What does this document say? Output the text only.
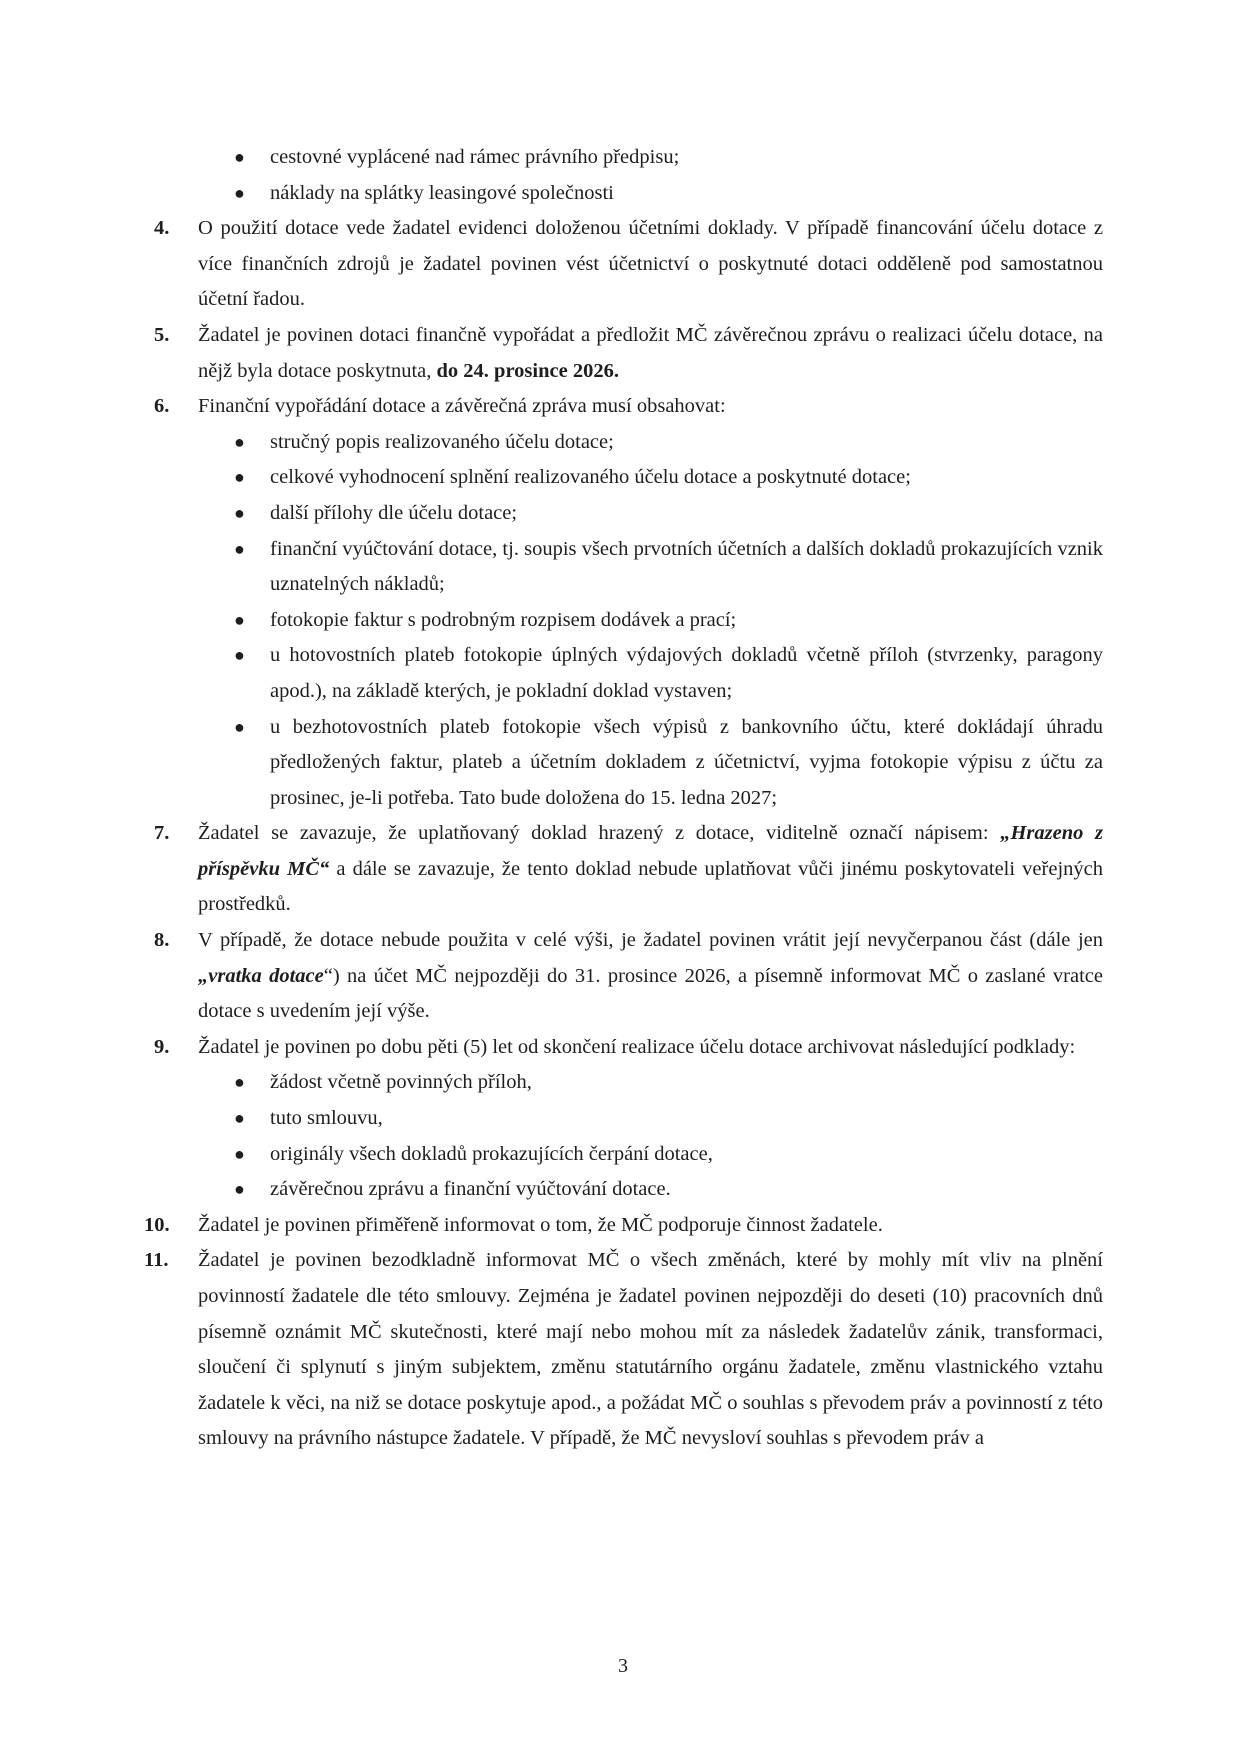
● cestovné vyplácené nad rámec právního předpisu;
● náklady na splátky leasingové společnosti
4. O použití dotace vede žadatel evidenci doloženou účetními doklady. V případě financování účelu dotace z více finančních zdrojů je žadatel povinen vést účetnictví o poskytnuté dotaci odděleně pod samostatnou účetní řadou.
5. Žadatel je povinen dotaci finančně vypořádat a předložit MČ závěrečnou zprávu o realizaci účelu dotace, na nějž byla dotace poskytnuta, do 24. prosince 2026.
6. Finanční vypořádání dotace a závěrečná zpráva musí obsahovat:
● stručný popis realizovaného účelu dotace;
● celkové vyhodnocení splnění realizovaného účelu dotace a poskytnuté dotace;
● další přílohy dle účelu dotace;
● finanční vyúčtování dotace, tj. soupis všech prvotních účetních a dalších dokladů prokazujících vznik uznatelných nákladů;
● fotokopie faktur s podrobným rozpisem dodávek a prací;
● u hotovostních plateb fotokopie úplných výdajových dokladů včetně příloh (stvrzenky, paragony apod.), na základě kterých, je pokladní doklad vystaven;
● u bezhotovostních plateb fotokopie všech výpisů z bankovního účtu, které dokládají úhradu předložených faktur, plateb a účetním dokladem z účetnictví, vyjma fotokopie výpisu z účtu za prosinec, je-li potřeba. Tato bude doložena do 15. ledna 2027;
7. Žadatel se zavazuje, že uplatňovaný doklad hrazený z dotace, viditelně označí nápisem: „Hrazeno z příspěvku MČ“ a dále se zavazuje, že tento doklad nebude uplatňovat vůči jinému poskytovateli veřejných prostředků.
8. V případě, že dotace nebude použita v celé výši, je žadatel povinen vrátit její nevyčerpanou část (dále jen „vratka dotace“) na účet MČ nejpozději do 31. prosince 2026, a písemně informovat MČ o zaslané vratce dotace s uvedením její výše.
9. Žadatel je povinen po dobu pěti (5) let od skončení realizace účelu dotace archivovat následující podklady:
● žádost včetně povinných příloh,
● tuto smlouvu,
● originály všech dokladů prokazujících čerpání dotace,
● závěrečnou zprávu a finanční vyúčtování dotace.
10. Žadatel je povinen přiměřeně informovat o tom, že MČ podporuje činnost žadatele.
11. Žadatel je povinen bezodkladně informovat MČ o všech změnách, které by mohly mít vliv na plnění povinností žadatele dle této smlouvy. Zejména je žadatel povinen nejpozději do deseti (10) pracovních dnů písemně oznámit MČ skutečnosti, které mají nebo mohou mít za následek žadatelův zánik, transformaci, sloučení či splynutí s jiným subjektem, změnu statutárního orgánu žadatele, změnu vlastnického vztahu žadatele k věci, na niž se dotace poskytuje apod., a požádat MČ o souhlas s převodem práv a povinností z této smlouvy na právního nástupce žadatele. V případě, že MČ nevysloví souhlas s převodem práv a
3
